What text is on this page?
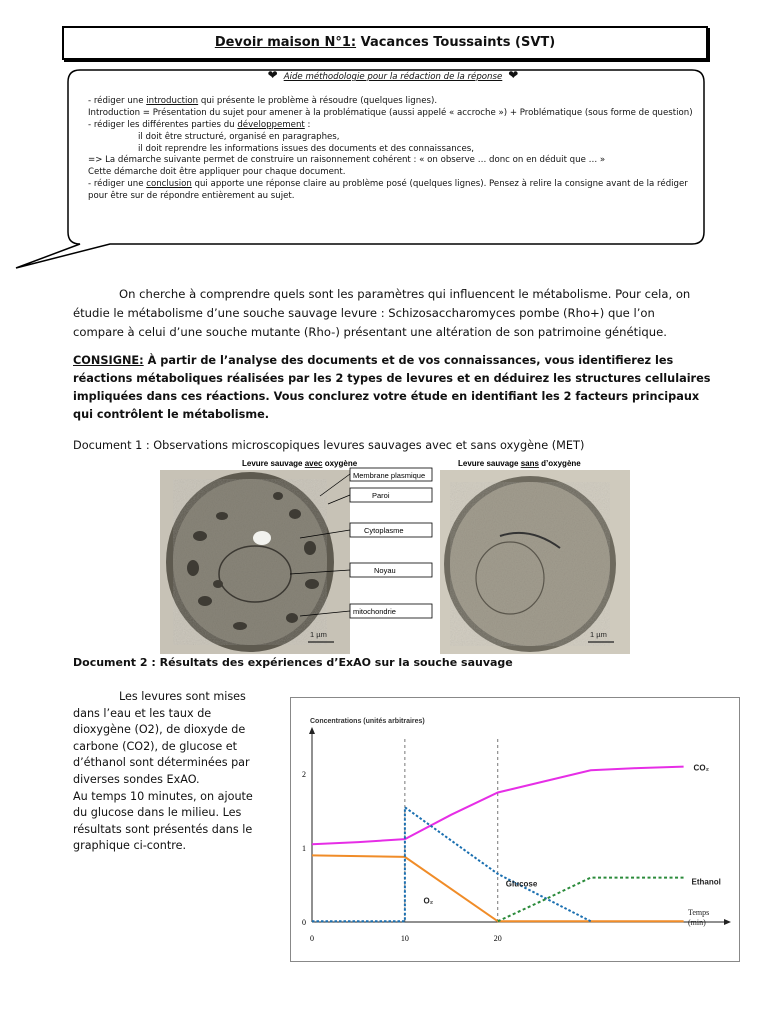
Devoir maison N°1: Vacances Toussaints (SVT)
❤ Aide méthodologie pour la rédaction de la réponse ❤

- rédiger une introduction qui présente le problème à résoudre (quelques lignes).

Introduction = Présentation du sujet pour amener à la problématique (aussi appelé « accroche ») + Problématique (sous forme de question)

- rédiger les différentes parties du développement :

il doit être structuré, organisé en paragraphes,

il doit reprendre les informations issues des documents et des connaissances,

=> La démarche suivante permet de construire un raisonnement cohérent : « on observe … donc on en déduit que … »

Cette démarche doit être appliquer pour chaque document.

- rédiger une conclusion qui apporte une réponse claire au problème posé (quelques lignes). Pensez à relire la consigne avant de la rédiger pour être sur de répondre entièrement au sujet.

On cherche à comprendre quels sont les paramètres qui influencent le métabolisme. Pour cela, on étudie le métabolisme d’une souche sauvage levure : Schizosaccharomyces pombe (Rho+) que l’on compare à celui d’une souche mutante (Rho-) présentant une altération de son patrimoine génétique.
CONSIGNE: À partir de l’analyse des documents et de vos connaissances, vous identifierez les réactions métaboliques réalisées par les 2 types de levures et en déduirez les structures cellulaires impliquées dans ces réactions. Vous conclurez votre étude en identifiant les 2 facteurs principaux qui contrôlent le métabolisme.
Document 1 : Observations microscopiques levures sauvages avec et sans oxygène (MET)
Levure sauvage avec oxygène
Membrane plasmique
Paroi
Cytoplasme
Noyau
mitochondrie
1 µm
Levure sauvage sans d’oxygène
1 µm
Document 2 : Résultats des expériences d’ExAO sur la souche sauvage
Les levures sont mises dans l’eau et les taux de dioxygène (O2), de dioxyde de carbone (CO2), de glucose et d’éthanol sont déterminées par diverses sondes ExAO.
Au temps 10 minutes, on ajoute du glucose dans le milieu. Les résultats sont présentés dans le graphique ci-contre.
Concentrations (unités arbitraires)
0	10	20
0
1
2
CO₂
O₂
Glucose	Ethanol
Temps (min)
